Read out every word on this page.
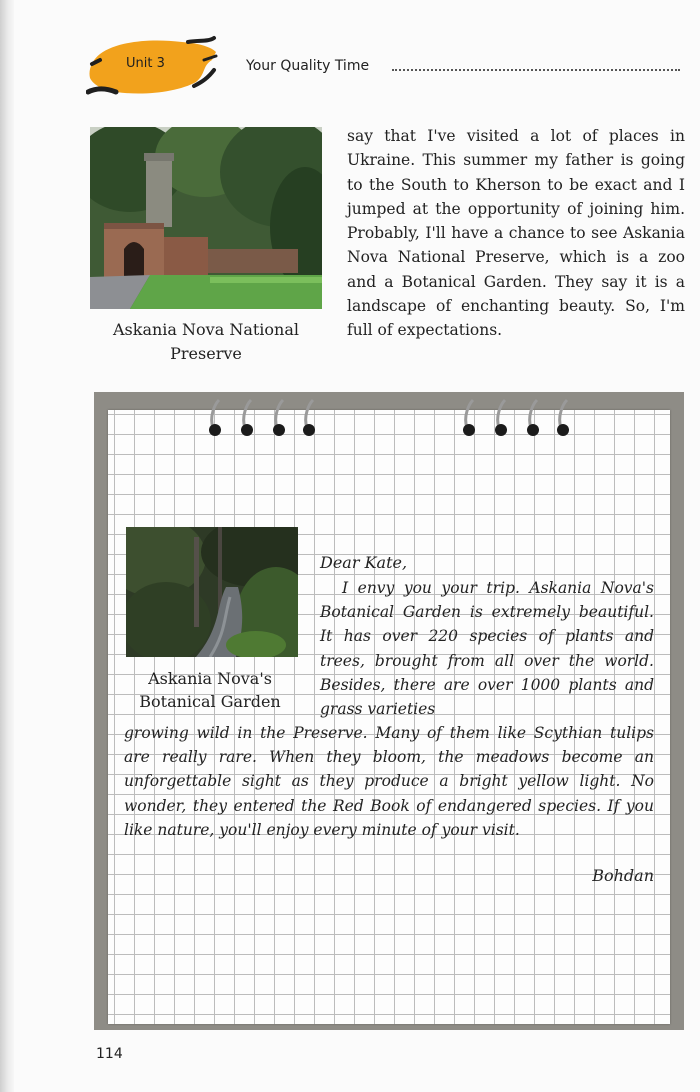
Unit 3	Your Quality Time
Askania Nova National Preserve
say that I've visited a lot of places in Ukraine. This summer my father is going to the South to Kherson to be exact and I jumped at the opportunity of joining him. Probably, I'll have a chance to see Askania Nova National Preserve, which is a zoo and a Botanical Garden. They say it is a landscape of enchanting beauty. So, I'm full of expectations.
Askania Nova's Botanical Garden
Dear Kate,
I envy you your trip. Askania Nova's Botanical Garden is extremely beautiful. It has over 220 species of plants and trees, brought from all over the world. Besides, there are over 1000 plants and grass varieties
growing wild in the Preserve. Many of them like Scythian tulips are really rare. When they bloom, the meadows become an unforgettable sight as they produce a bright yellow light. No wonder, they entered the Red Book of endangered species. If you like nature, you'll enjoy every minute of your visit.
Bohdan
114
